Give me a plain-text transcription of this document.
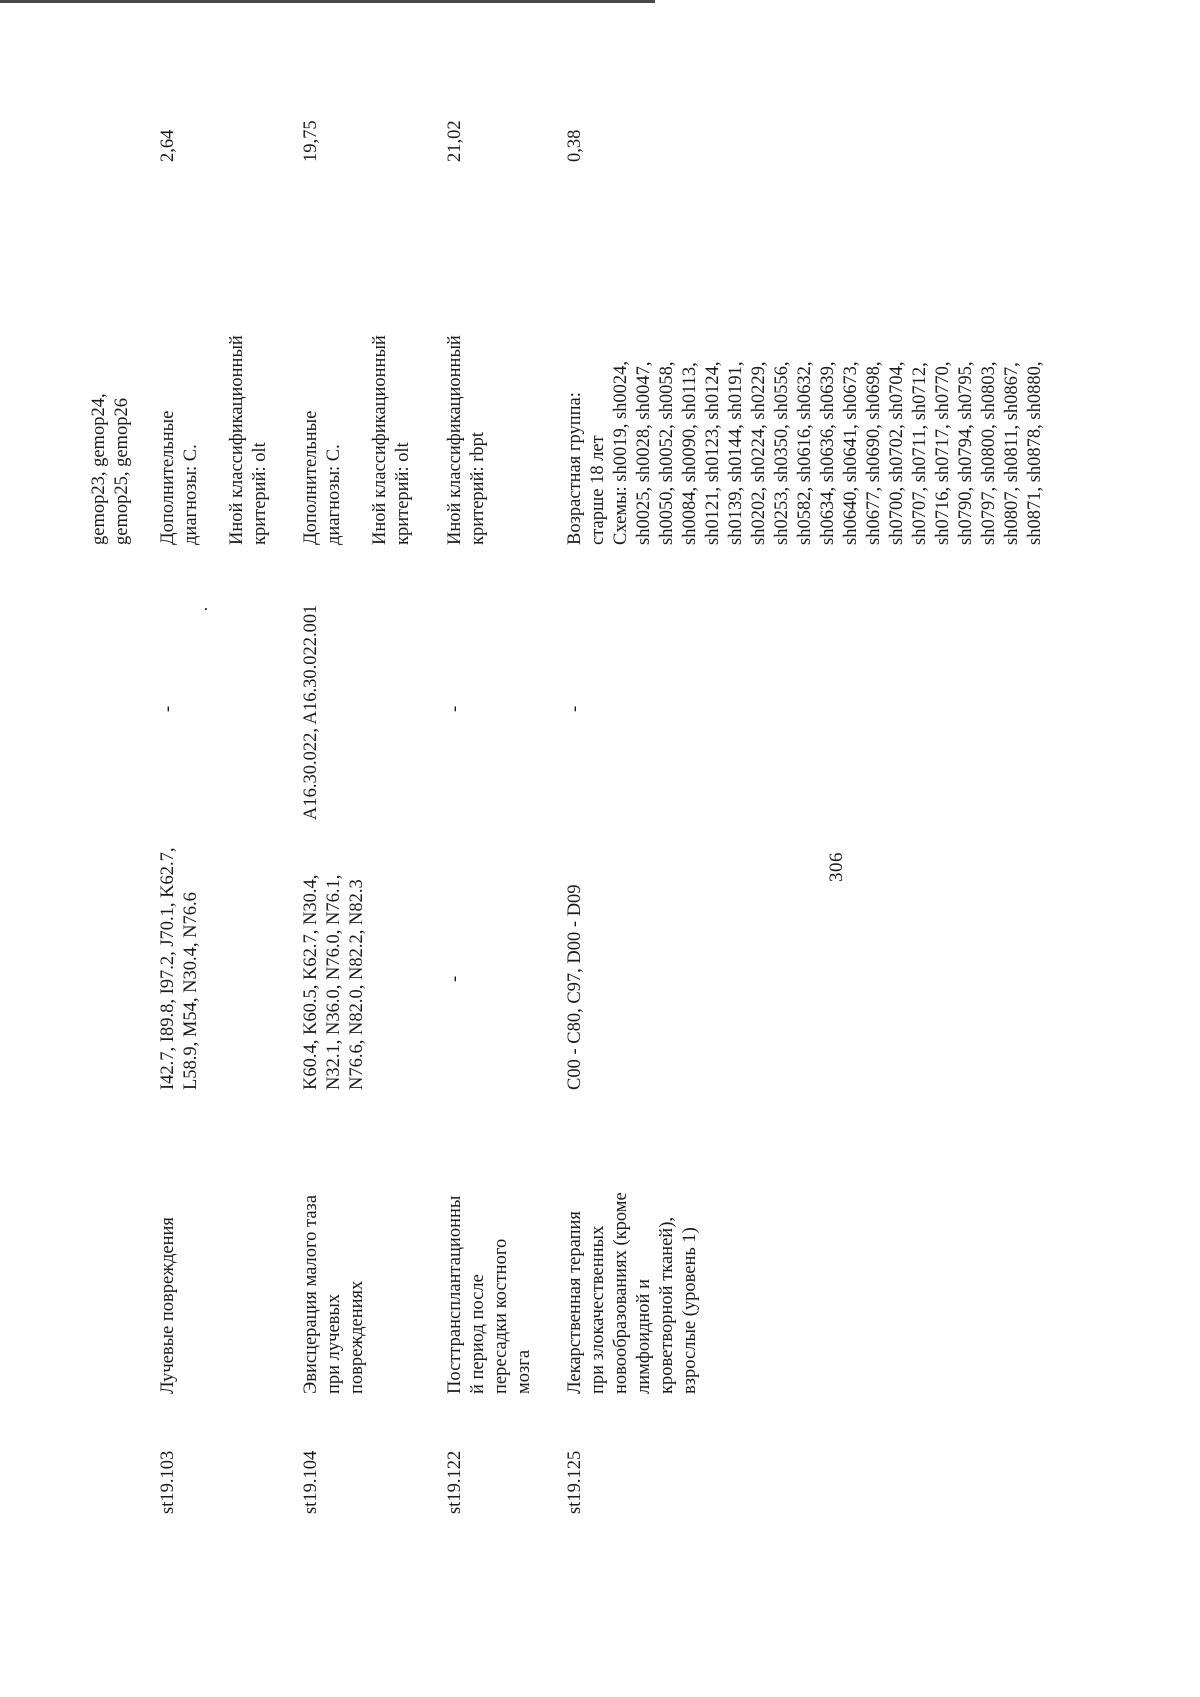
306
gemop23, gemop24,
gemop25, gemop26
st19.103
Лучевые повреждения
I42.7, I89.8, I97.2, J70.1, K62.7,
L58.9, M54, N30.4, N76.6
-
Дополнительные
диагнозы: С.

Иной классификационный
критерий: olt
2,64
·
st19.104
Эвисцерация малого таза
при лучевых
повреждениях
K60.4, K60.5, K62.7, N30.4,
N32.1, N36.0, N76.0, N76.1,
N76.6, N82.0, N82.2, N82.3
A16.30.022, A16.30.022.001
Дополнительные
диагнозы: С.

Иной классификационный
критерий: olt
19,75
st19.122
Посттрансплантационны
й период после
пересадки костного
мозга
-
-
Иной классификационный
критерий: rbpt
21,02
st19.125
Лекарственная терапия
при злокачественных
новообразованиях (кроме
лимфоидной и
кроветворной тканей),
взрослые (уровень 1)
C00 - C80, C97, D00 - D09
-
Возрастная группа:
старше 18 лет
Схемы: sh0019, sh0024,
sh0025, sh0028, sh0047,
sh0050, sh0052, sh0058,
sh0084, sh0090, sh0113,
sh0121, sh0123, sh0124,
sh0139, sh0144, sh0191,
sh0202, sh0224, sh0229,
sh0253, sh0350, sh0556,
sh0582, sh0616, sh0632,
sh0634, sh0636, sh0639,
sh0640, sh0641, sh0673,
sh0677, sh0690, sh0698,
sh0700, sh0702, sh0704,
sh0707, sh0711, sh0712,
sh0716, sh0717, sh0770,
sh0790, sh0794, sh0795,
sh0797, sh0800, sh0803,
sh0807, sh0811, sh0867,
sh0871, sh0878, sh0880,
0,38
